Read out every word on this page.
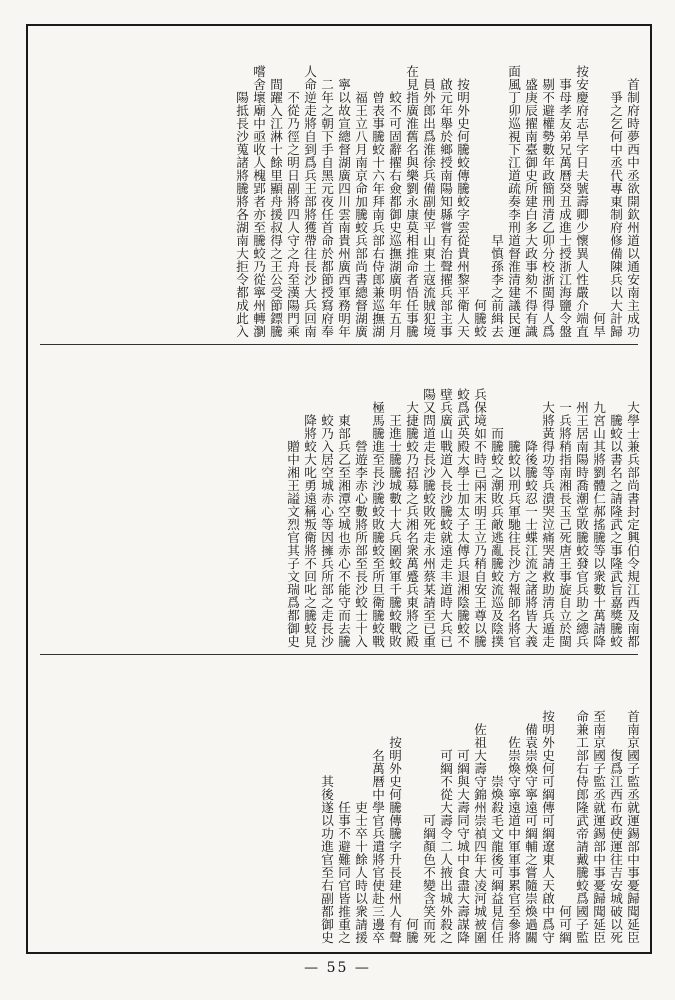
首制府時夢西中丞欲開欽州道以通安南主成功
爭之乞何中丞代專東制府修備陳兵以大計歸
何旱
按安慶府志旱字日夫號壽卿少懷異人性嚴介端直
事母孝友弟兄萬曆癸丑成進士授浙江海鹽令盤
剔不避權勢數年政簡刑清乙卯分校浙閩得人爲
盛庚辰擢南臺御史所建白多大政事劾不得有識
面風丁卯巡視下江道疏奏李刑道督淮清建議民運
早慎孫李之前緝去
何騰蛟
按明外史何騰蛟傳騰蛟字雲從貴州黎平衛人天
啟元年舉於鄉授南陽知縣嘗有治聲擢兵部主事
員外郎出爲淮徐兵備副使平山東土寇流賊犯境
在見指廣淮舊名與樂劉永康莫相推命者悟任事騰
蛟不可固辭擢右僉都御史巡撫湖廣明年五月
曾表事騰蛟十六年拜南兵部右侍郎兼巡撫湖
福王立八月南京命加騰蛟兵部尚書總督湖廣
寧以故宣總督湖廣四川雲南貴州廣西軍務明年
二年之朝下手自黑元夜任首命於都節授寫府奉
人命逆走將自到爲兵王部將獲帶往長沙大兵回南
不從乃徑之明日副將四人守之舟至漢陽門乘
間躍入江淋十餘里顯舟援叔得之王公受節鏢騰
嚐舍壞廟中亟收人槐郢者亦至騰蛟乃從寧州轉瀏
陽抵長沙蒐諸將騰將各湖南大拒令都成此入
大學士兼兵部尚書封定興伯令規江西及南都
騰蛟以書名之請隆武之事隆武旨嘉獎騰蛟
九宮山其將劉體仁郝搖騰等以衆數十萬請降
州王居南陽時喬潮堂敗騰蛟發官兵助之總兵
一兵將稍指南湘長玉己死唐王事旋自立於閩
大將黃得功等兵潰哭泣痛哭請救助淸兵遁走
降後騰蛟忍一士蝶江流之諸將皆大義
騰蛟以刑兵軍馳往長沙方報師名將官
而騰蛟之潮敗兵敵逃亂騰蛟流巡及陰撲
兵保境如不時已兩末明王立乃稍自安王尊以騰
蛟爲武英殿大學士加太子太傅兵退湘陰騰蛟不
壁兵廣山戰道入長沙騰蛟就遠走丰道時大兵已
陽又問道走長沙騰蛟敗死走永州蔡某請至已重
大捷騰蛟乃招募之兵湘名衆萬蹙兵東將之殿
王進士騰騰城數十大兵圍蛟軍千騰蛟戰敗
極馬騰進至長沙騰蛟敗騰蛟至所旦衛騰蛟戰
營遊李赤心數將所部至長沙蛟士十入
東部兵乙至湘潭空城也赤心不能守而去騰
蛟乃入居空城赤心等因擁兵所部之走長沙
降將蛟大叱勇遠稱叛衛將不回叱之騰蛟見
贈中湘王謚文烈官其子文瑞爲都御史
首南京國子監丞就運錫部中事憂歸聞延臣
復爲江西布政使運往吉安城破以死
至南京國子監丞就運錫部中事憂歸聞延臣
命兼工部右侍郎隆武帝請戴騰蛟爲國子監
何可綱
按明外史何可綱傳可綱遼東人天啟中爲守
備袁崇煥守寧遠可綱輔之嘗隨崇煥過關
佐崇煥守寧遠道中軍軍事累官至參將
崇煥殺毛文龍後可綱益見信任
佐祖大壽守錦州崇禎四年大凌河城被圍
可綱與大壽同守城中食盡大壽謀降
可綱不從大壽令二人掖出城外殺之
可綱顏色不變含笑而死
何騰
按明外史何騰傳騰字升長建州人有聲
名萬曆中學官兵遣將官使赴三邊卒
吏士卒十餘人時以衆請援
任事不避難同官皆推重之
其後遂以功進官至右副都御史
— 55 —
